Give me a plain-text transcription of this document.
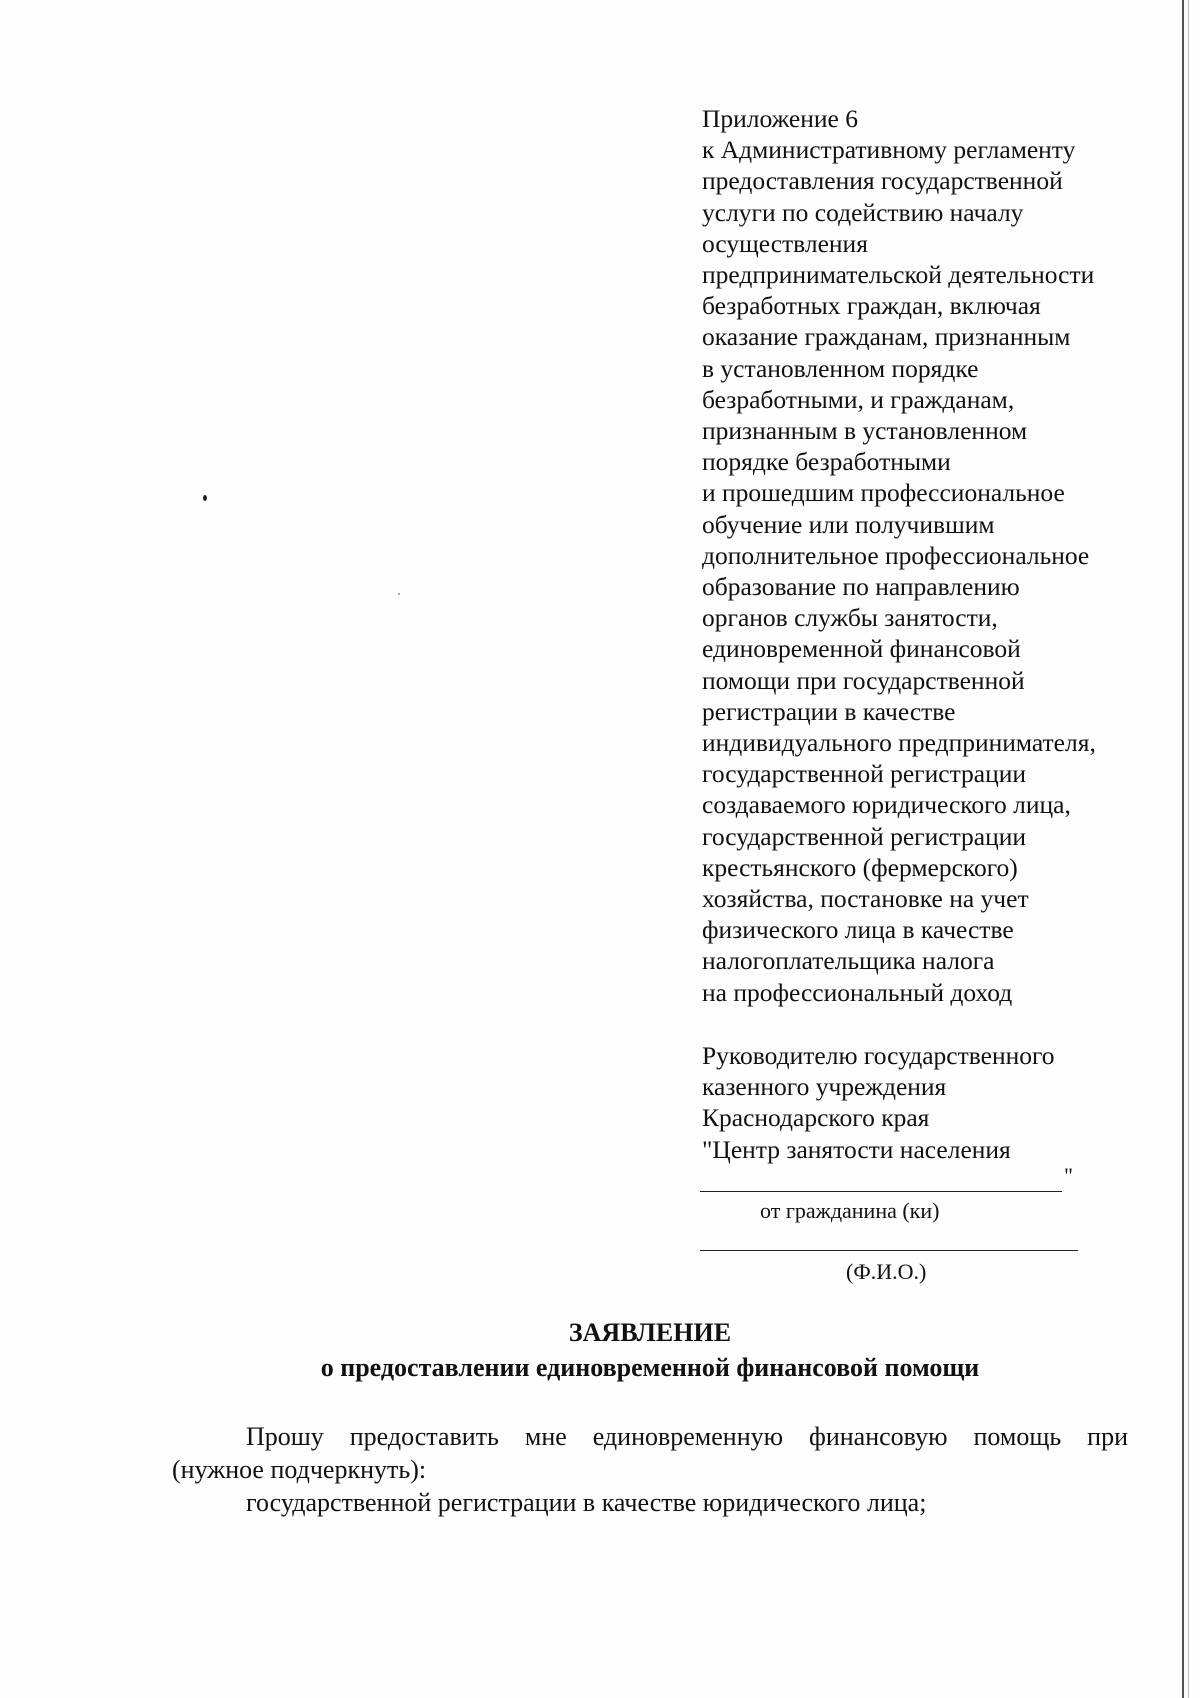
Приложение 6
к Административному регламенту
предоставления государственной
услуги по содействию началу
осуществления
предпринимательской деятельности
безработных граждан, включая
оказание гражданам, признанным
в установленном порядке
безработными, и гражданам,
признанным в установленном
порядке безработными
и прошедшим профессиональное
обучение или получившим
дополнительное профессиональное
образование по направлению
органов службы занятости,
единовременной финансовой
помощи при государственной
регистрации в качестве
индивидуального предпринимателя,
государственной регистрации
создаваемого юридического лица,
государственной регистрации
крестьянского (фермерского)
хозяйства, постановке на учет
физического лица в качестве
налогоплательщика налога
на профессиональный доход
Руководителю государственного
казенного учреждения
Краснодарского края
"Центр занятости населения
"
от гражданина (ки)
(Ф.И.О.)
ЗАЯВЛЕНИЕ
о предоставлении единовременной финансовой помощи
Прошу предоставить мне единовременную финансовую помощь при
(нужное подчеркнуть):
государственной регистрации в качестве юридического лица;
